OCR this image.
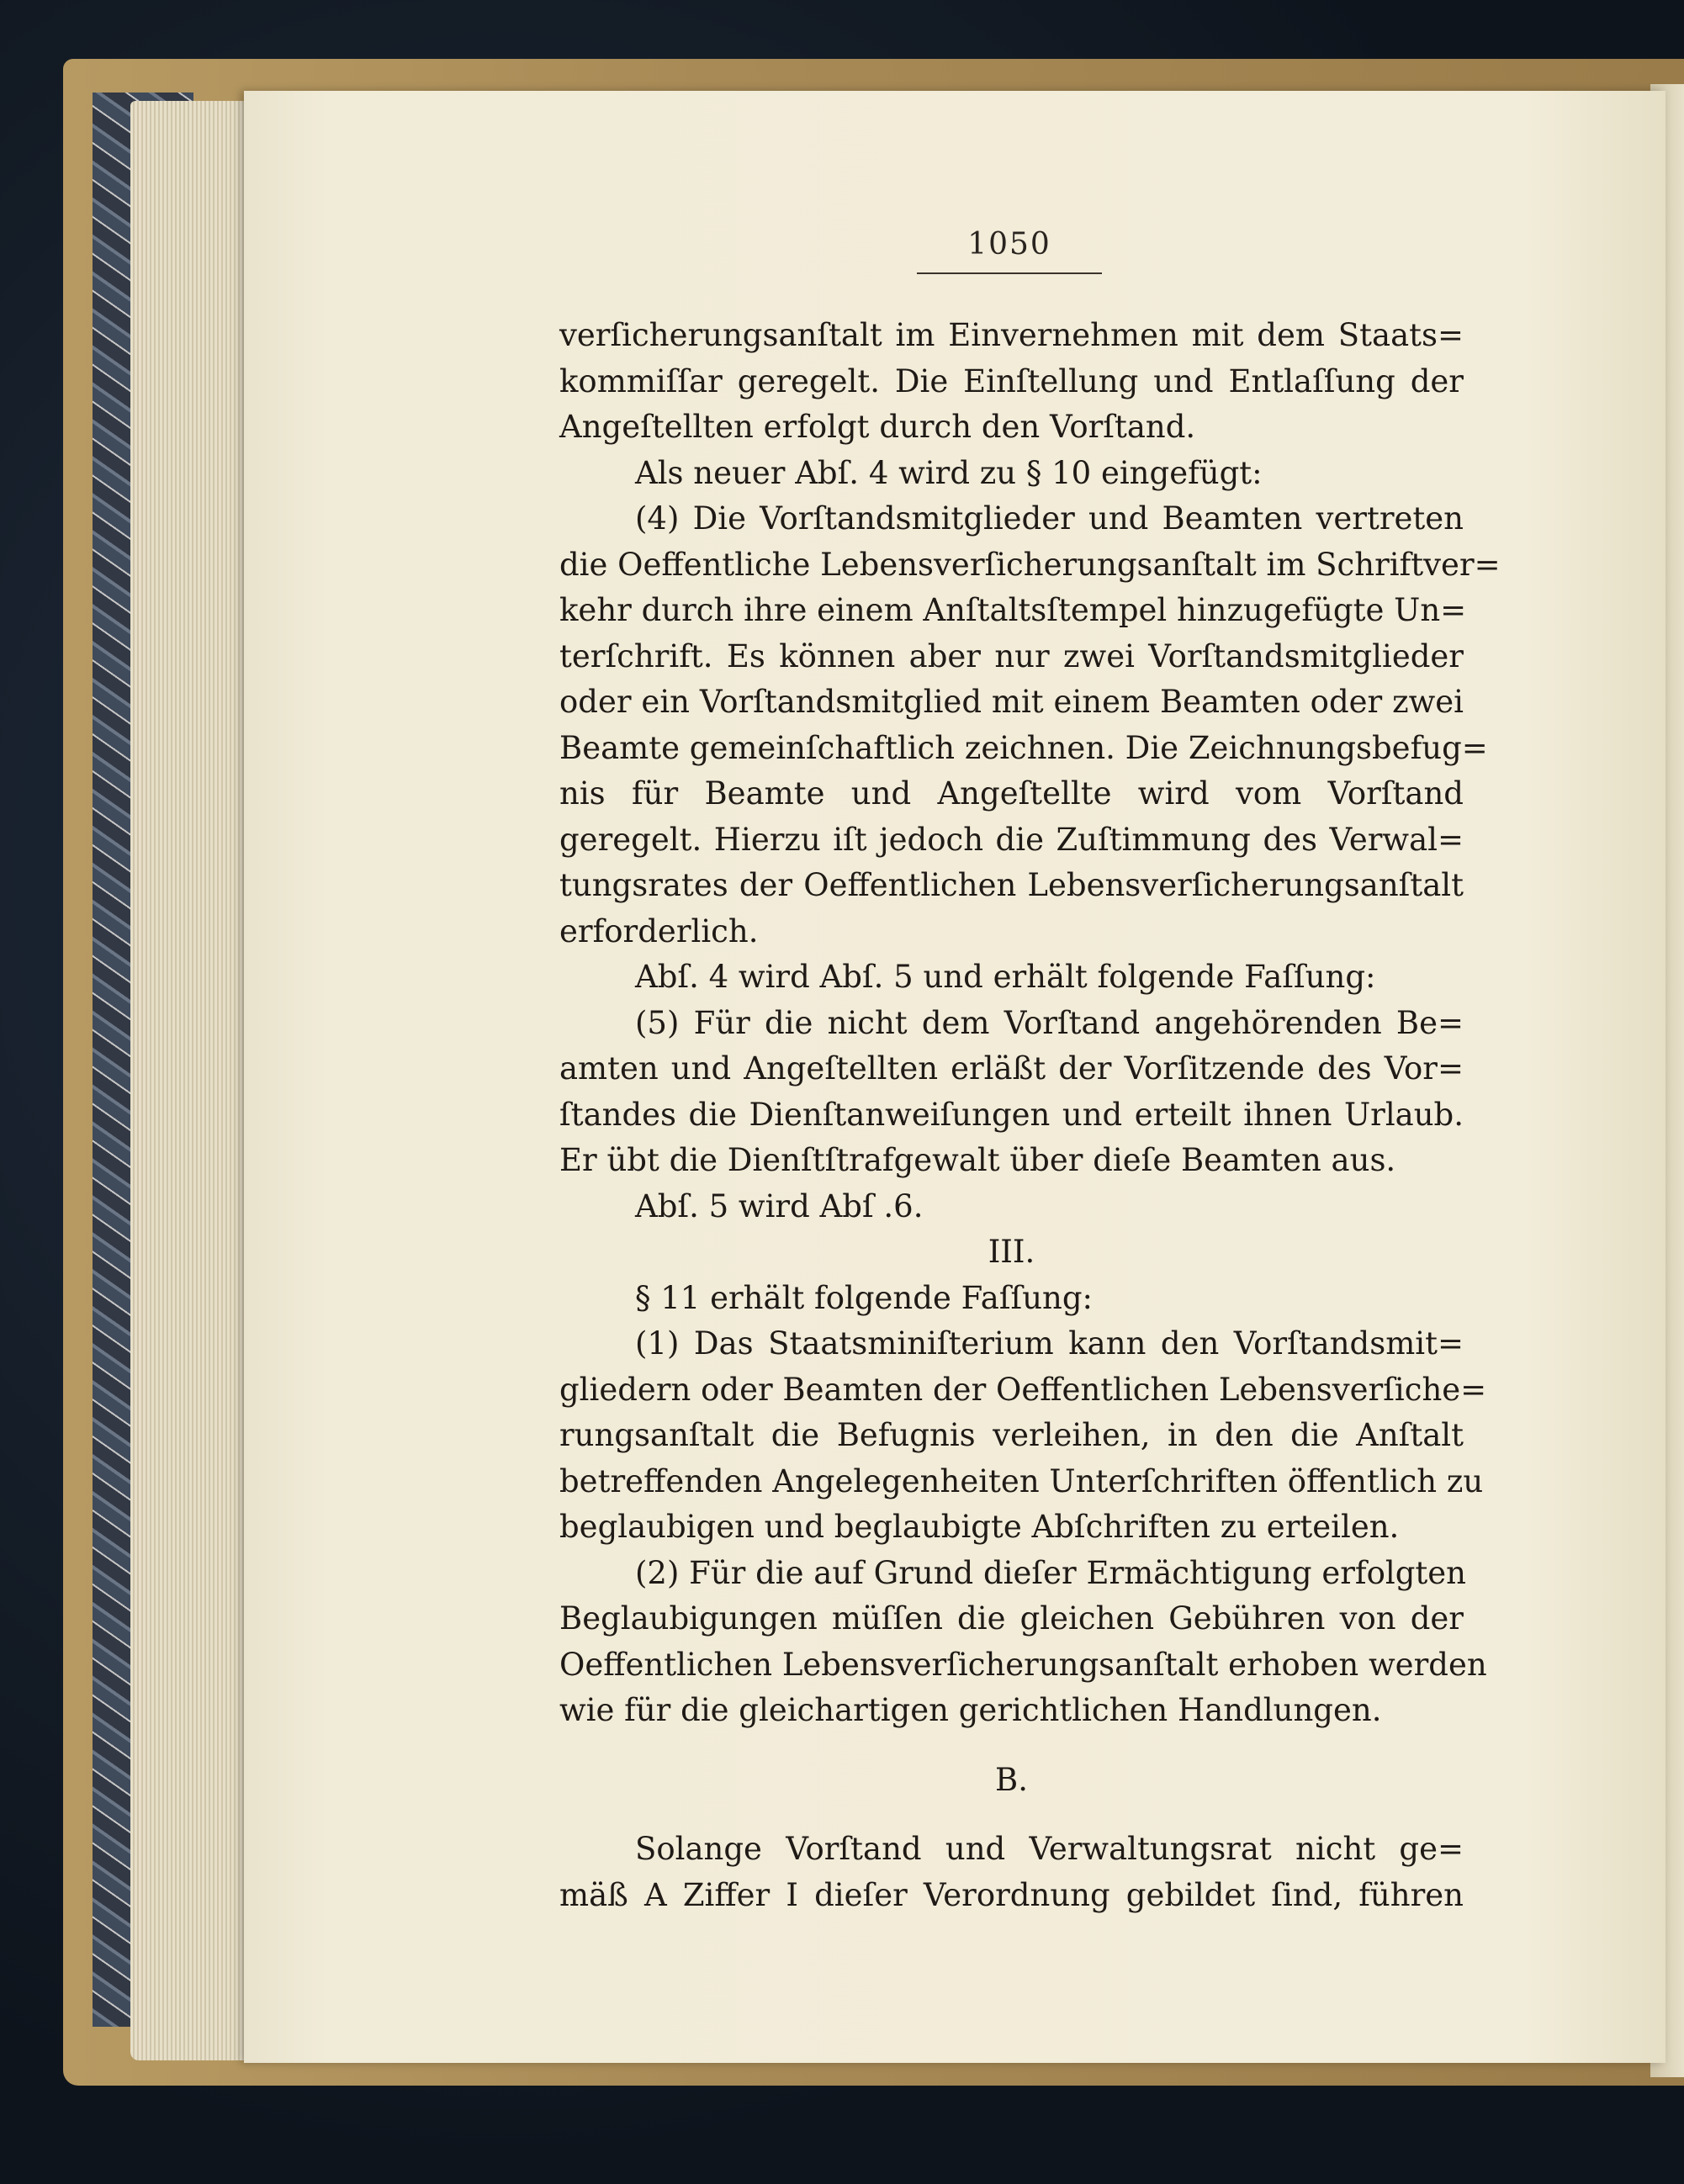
1050
verſicherungsanſtalt im Einvernehmen mit dem Staats=
kommiſſar geregelt. Die Einſtellung und Entlaſſung der
Angeſtellten erfolgt durch den Vorſtand.
Als neuer Abſ. 4 wird zu § 10 eingefügt:
(4) Die Vorſtandsmitglieder und Beamten vertreten
die Oeffentliche Lebensverſicherungsanſtalt im Schriftver=
kehr durch ihre einem Anſtaltsſtempel hinzugefügte Un=
terſchrift. Es können aber nur zwei Vorſtandsmitglieder
oder ein Vorſtandsmitglied mit einem Beamten oder zwei
Beamte gemeinſchaftlich zeichnen. Die Zeichnungsbefug=
nis für Beamte und Angeſtellte wird vom Vorſtand
geregelt. Hierzu iſt jedoch die Zuſtimmung des Verwal=
tungsrates der Oeffentlichen Lebensverſicherungsanſtalt
erforderlich.
Abſ. 4 wird Abſ. 5 und erhält folgende Faſſung:
(5) Für die nicht dem Vorſtand angehörenden Be=
amten und Angeſtellten erläßt der Vorſitzende des Vor=
ſtandes die Dienſtanweiſungen und erteilt ihnen Urlaub.
Er übt die Dienſtſtrafgewalt über dieſe Beamten aus.
Abſ. 5 wird Abſ .6.
III.
§ 11 erhält folgende Faſſung:
(1) Das Staatsminiſterium kann den Vorſtandsmit=
gliedern oder Beamten der Oeffentlichen Lebensverſiche=
rungsanſtalt die Befugnis verleihen, in den die Anſtalt
betreffenden Angelegenheiten Unterſchriften öffentlich zu
beglaubigen und beglaubigte Abſchriften zu erteilen.
(2) Für die auf Grund dieſer Ermächtigung erfolgten
Beglaubigungen müſſen die gleichen Gebühren von der
Oeffentlichen Lebensverſicherungsanſtalt erhoben werden
wie für die gleichartigen gerichtlichen Handlungen.
B.
Solange Vorſtand und Verwaltungsrat nicht ge=
mäß A Ziffer I dieſer Verordnung gebildet ſind, führen
